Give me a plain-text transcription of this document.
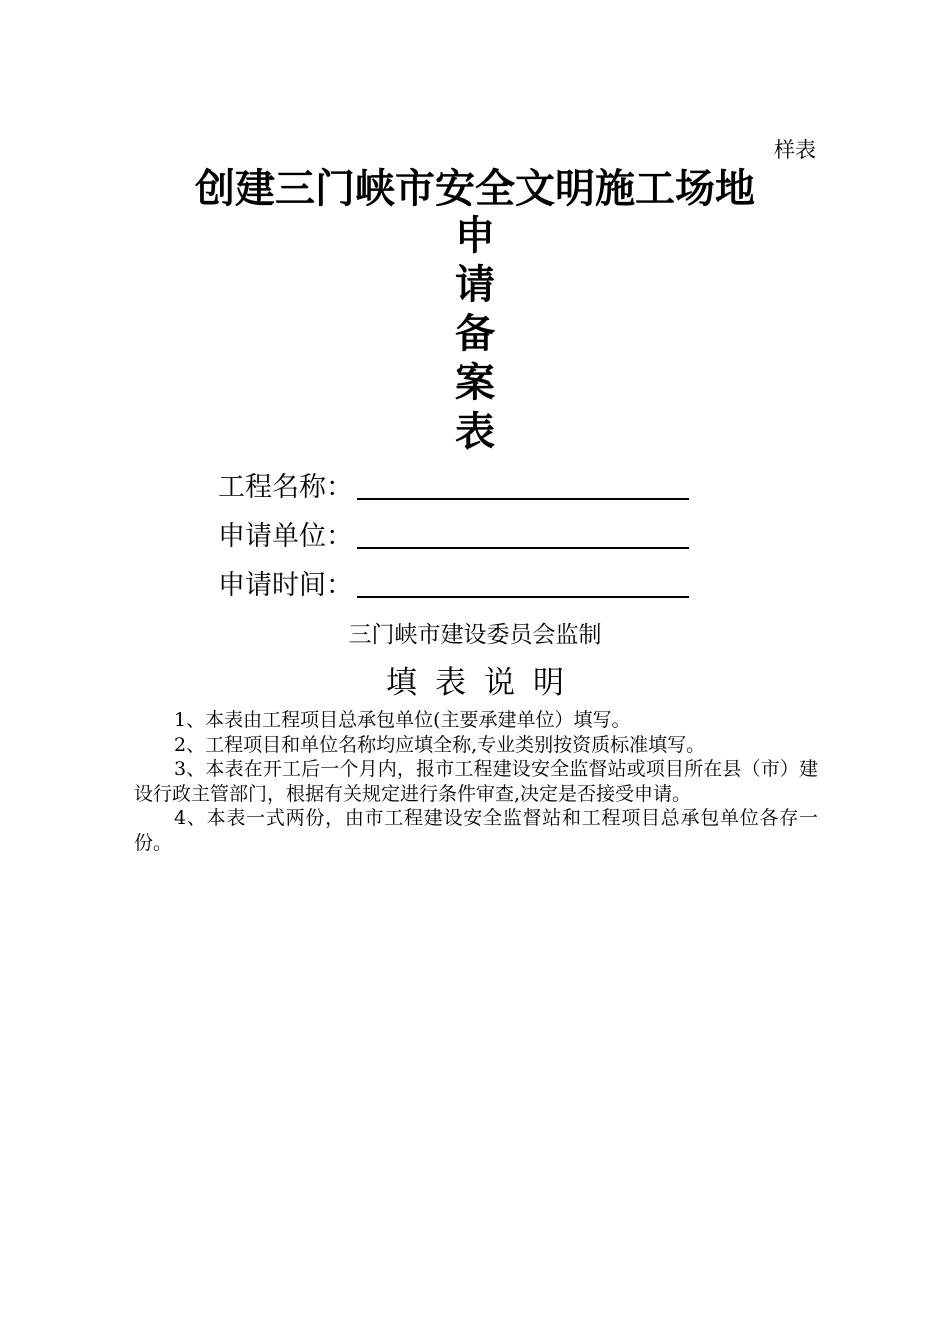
样表
创建三门峡市安全文明施工场地
申
请
备
案
表
工程名称：
申请单位：
申请时间：
三门峡市建设委员会监制
填表说明

1、本表由工程项目总承包单位(主要承建单位）填写。

2、工程项目和单位名称均应填全称,专业类别按资质标准填写。

3、本表在开工后一个月内，报市工程建设安全监督站或项目所在县（市）建设行政主管部门，根据有关规定进行条件审查,决定是否接受申请。

4、本表一式两份，由市工程建设安全监督站和工程项目总承包单位各存一份。
